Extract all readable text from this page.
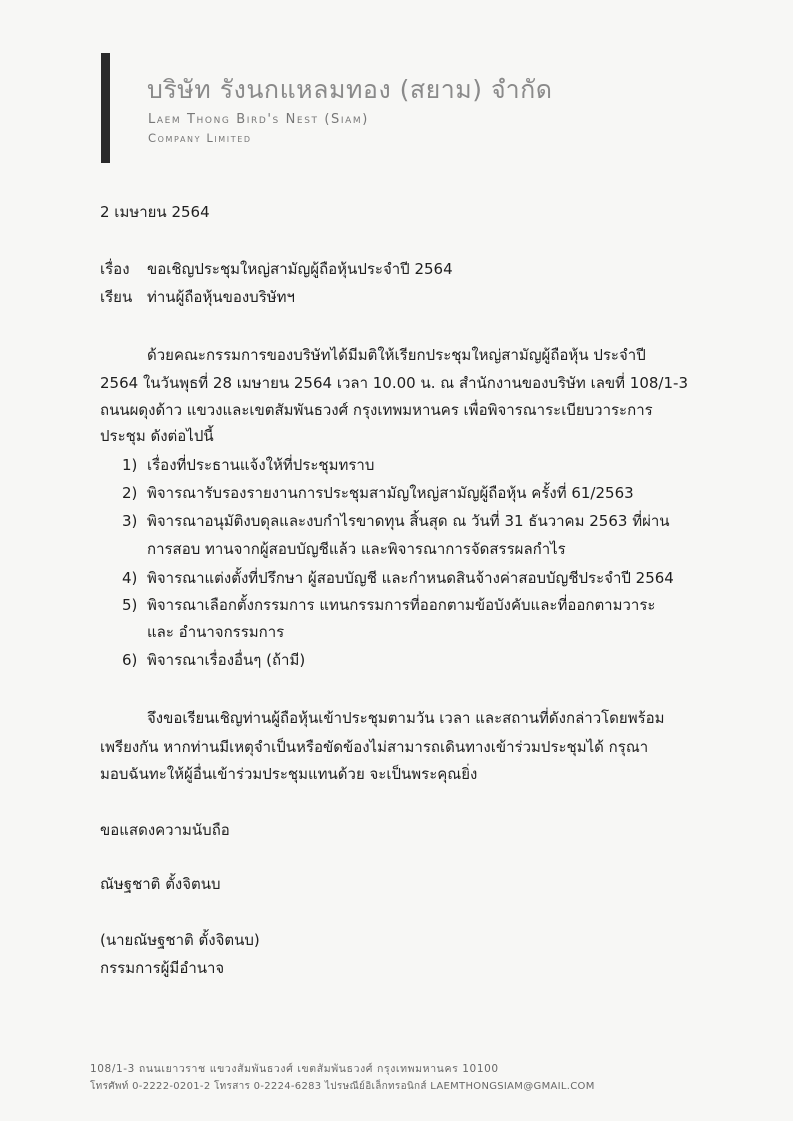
บริษัท รังนกแหลมทอง (สยาม) จำกัด
Laem Thong Bird's Nest (Siam)
Company Limited
2 เมษายน 2564
เรื่อง ขอเชิญประชุมใหญ่สามัญผู้ถือหุ้นประจำปี 2564
เรียน ท่านผู้ถือหุ้นของบริษัทฯ
ด้วยคณะกรรมการของบริษัทได้มีมติให้เรียกประชุมใหญ่สามัญผู้ถือหุ้น ประจำปี
2564 ในวันพุธที่ 28 เมษายน 2564 เวลา 10.00 น. ณ สำนักงานของบริษัท เลขที่ 108/1-3
ถนนผดุงด้าว แขวงและเขตสัมพันธวงศ์ กรุงเทพมหานคร เพื่อพิจารณาระเบียบวาระการ
ประชุม ดังต่อไปนี้
1) เรื่องที่ประธานแจ้งให้ที่ประชุมทราบ
2) พิจารณารับรองรายงานการประชุมสามัญใหญ่สามัญผู้ถือหุ้น ครั้งที่ 61/2563
3) พิจารณาอนุมัติงบดุลและงบกำไรขาดทุน สิ้นสุด ณ วันที่ 31 ธันวาคม 2563 ที่ผ่าน
การสอบ ทานจากผู้สอบบัญชีแล้ว และพิจารณาการจัดสรรผลกำไร
4) พิจารณาแต่งตั้งที่ปรึกษา ผู้สอบบัญชี และกำหนดสินจ้างค่าสอบบัญชีประจำปี 2564
5) พิจารณาเลือกตั้งกรรมการ แทนกรรมการที่ออกตามข้อบังคับและที่ออกตามวาระ
และ อำนาจกรรมการ
6) พิจารณาเรื่องอื่นๆ (ถ้ามี)
จึงขอเรียนเชิญท่านผู้ถือหุ้นเข้าประชุมตามวัน เวลา และสถานที่ดังกล่าวโดยพร้อม
เพรียงกัน หากท่านมีเหตุจำเป็นหรือขัดข้องไม่สามารถเดินทางเข้าร่วมประชุมได้ กรุณา
มอบฉันทะให้ผู้อื่นเข้าร่วมประชุมแทนด้วย จะเป็นพระคุณยิ่ง
ขอแสดงความนับถือ
ณัษฐชาติ ตั้งจิตนบ
(นายณัษฐชาติ ตั้งจิตนบ)
กรรมการผู้มีอำนาจ
108/1-3 ถนนเยาวราช แขวงสัมพันธวงศ์ เขตสัมพันธวงศ์ กรุงเทพมหานคร 10100
โทรศัพท์ 0-2222-0201-2 โทรสาร 0-2224-6283 ไปรษณีย์อิเล็กทรอนิกส์ LAEMTHONGSIAM@GMAIL.COM
